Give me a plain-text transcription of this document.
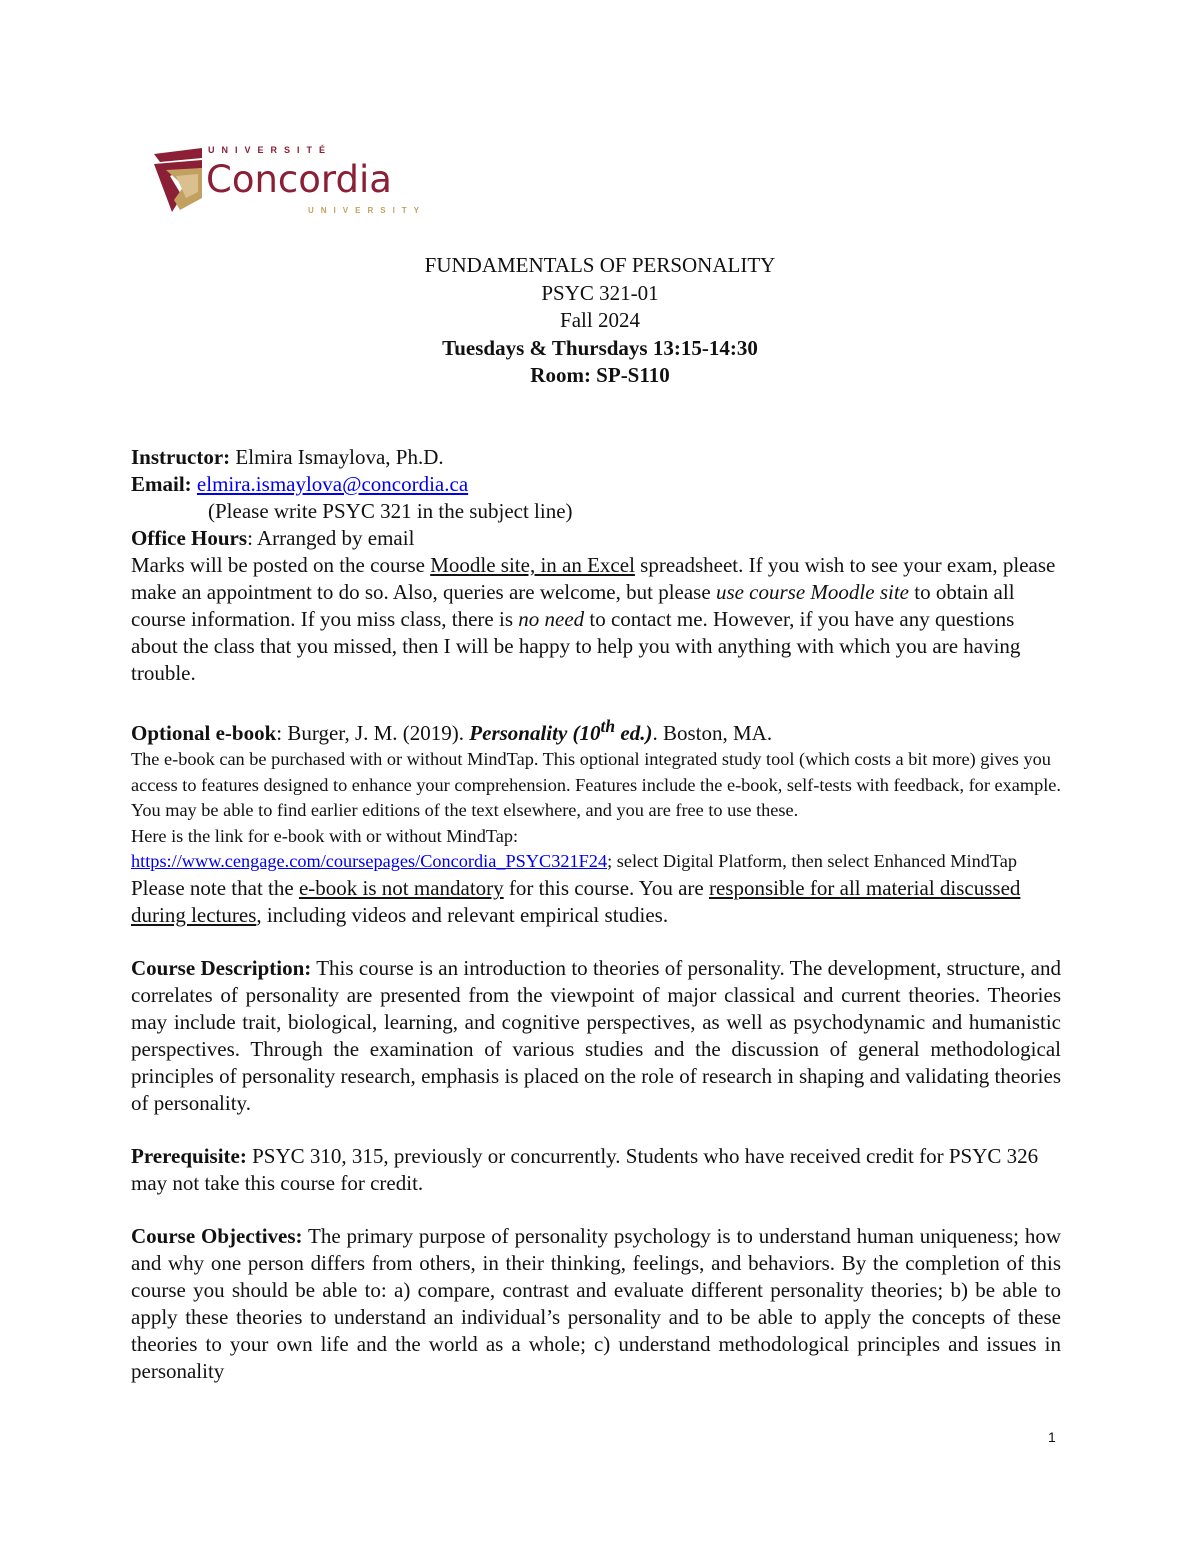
UNIVERSITÉ
Concordia
UNIVERSITY
FUNDAMENTALS OF PERSONALITY
PSYC 321-01
Fall 2024
Tuesdays & Thursdays 13:15-14:30
Room: SP-S110

Instructor: Elmira Ismaylova, Ph.D.

Email: elmira.ismaylova@concordia.ca

(Please write PSYC 321 in the subject line)

Office Hours: Arranged by email

Marks will be posted on the course Moodle site, in an Excel spreadsheet. If you wish to see your exam, please make an appointment to do so. Also, queries are welcome, but please use course Moodle site to obtain all course information. If you miss class, there is no need to contact me. However, if you have any questions about the class that you missed, then I will be happy to help you with anything with which you are having trouble.

Optional e-book: Burger, J. M. (2019). Personality (10th ed.). Boston, MA.

The e-book can be purchased with or without MindTap. This optional integrated study tool (which costs a bit more) gives you access to features designed to enhance your comprehension. Features include the e-book, self-tests with feedback, for example. You may be able to find earlier editions of the text elsewhere, and you are free to use these.

Here is the link for e-book with or without MindTap:

https://www.cengage.com/coursepages/Concordia_PSYC321F24; select Digital Platform, then select Enhanced MindTap

Please note that the e-book is not mandatory for this course. You are responsible for all material discussed during lectures, including videos and relevant empirical studies.

Course Description: This course is an introduction to theories of personality. The development, structure, and correlates of personality are presented from the viewpoint of major classical and current theories. Theories may include trait, biological, learning, and cognitive perspectives, as well as psychodynamic and humanistic perspectives. Through the examination of various studies and the discussion of general methodological principles of personality research, emphasis is placed on the role of research in shaping and validating theories of personality.

Prerequisite: PSYC 310, 315, previously or concurrently. Students who have received credit for PSYC 326 may not take this course for credit.

Course Objectives: The primary purpose of personality psychology is to understand human uniqueness; how and why one person differs from others, in their thinking, feelings, and behaviors. By the completion of this course you should be able to: a) compare, contrast and evaluate different personality theories; b) be able to apply these theories to understand an individual’s personality and to be able to apply the concepts of these theories to your own life and the world as a whole; c) understand methodological principles and issues in personality

1
